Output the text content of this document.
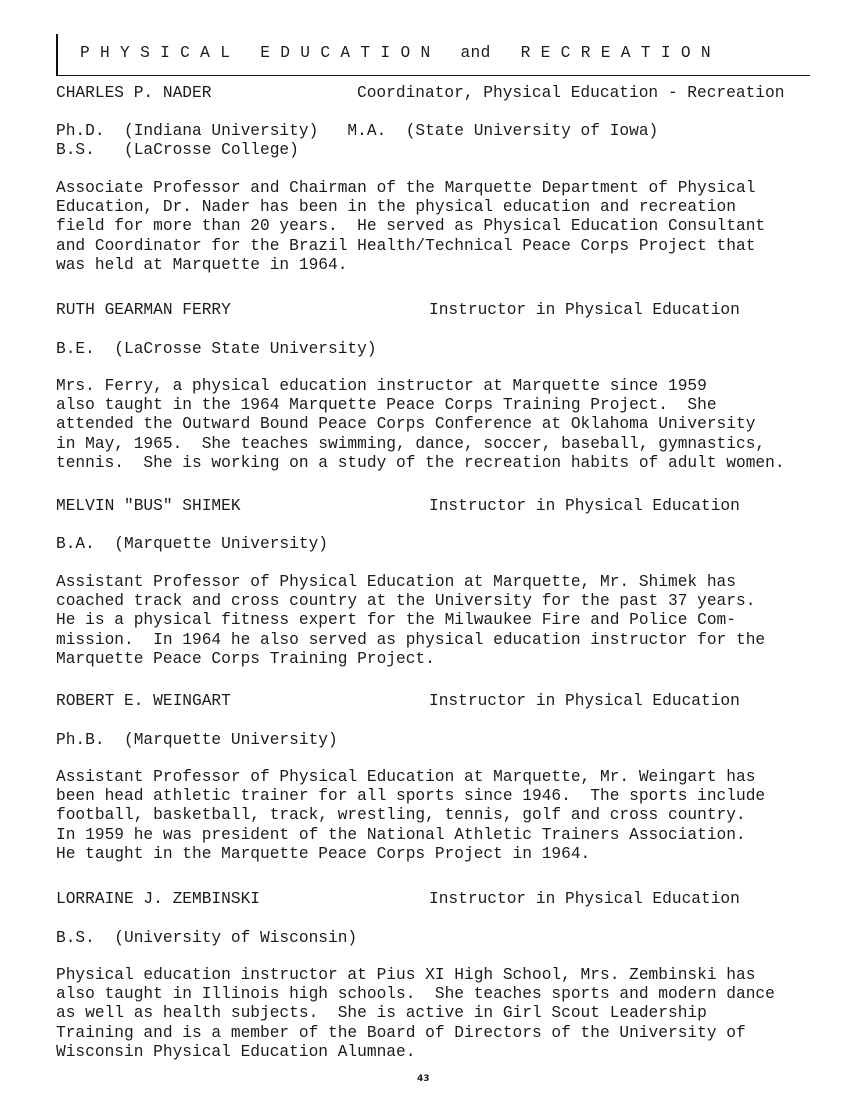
P H Y S I C A L   E D U C A T I O N   and   R E C R E A T I O N
CHARLES P. NADER	Coordinator, Physical Education - Recreation
Ph.D.  (Indiana University)   M.A.  (State University of Iowa)
B.S.   (LaCrosse College)
Associate Professor and Chairman of the Marquette Department of Physical
Education, Dr. Nader has been in the physical education and recreation
field for more than 20 years.  He served as Physical Education Consultant
and Coordinator for the Brazil Health/Technical Peace Corps Project that
was held at Marquette in 1964.
RUTH GEARMAN FERRY	Instructor in Physical Education
B.E.  (LaCrosse State University)
Mrs. Ferry, a physical education instructor at Marquette since 1959
also taught in the 1964 Marquette Peace Corps Training Project.  She
attended the Outward Bound Peace Corps Conference at Oklahoma University
in May, 1965.  She teaches swimming, dance, soccer, baseball, gymnastics,
tennis.  She is working on a study of the recreation habits of adult women.
MELVIN "BUS" SHIMEK	Instructor in Physical Education
B.A.  (Marquette University)
Assistant Professor of Physical Education at Marquette, Mr. Shimek has
coached track and cross country at the University for the past 37 years.
He is a physical fitness expert for the Milwaukee Fire and Police Com-
mission.  In 1964 he also served as physical education instructor for the
Marquette Peace Corps Training Project.
ROBERT E. WEINGART	Instructor in Physical Education
Ph.B.  (Marquette University)
Assistant Professor of Physical Education at Marquette, Mr. Weingart has
been head athletic trainer for all sports since 1946.  The sports include
football, basketball, track, wrestling, tennis, golf and cross country.
In 1959 he was president of the National Athletic Trainers Association.
He taught in the Marquette Peace Corps Project in 1964.
LORRAINE J. ZEMBINSKI	Instructor in Physical Education
B.S.  (University of Wisconsin)
Physical education instructor at Pius XI High School, Mrs. Zembinski has
also taught in Illinois high schools.  She teaches sports and modern dance
as well as health subjects.  She is active in Girl Scout Leadership
Training and is a member of the Board of Directors of the University of
Wisconsin Physical Education Alumnae.
43
